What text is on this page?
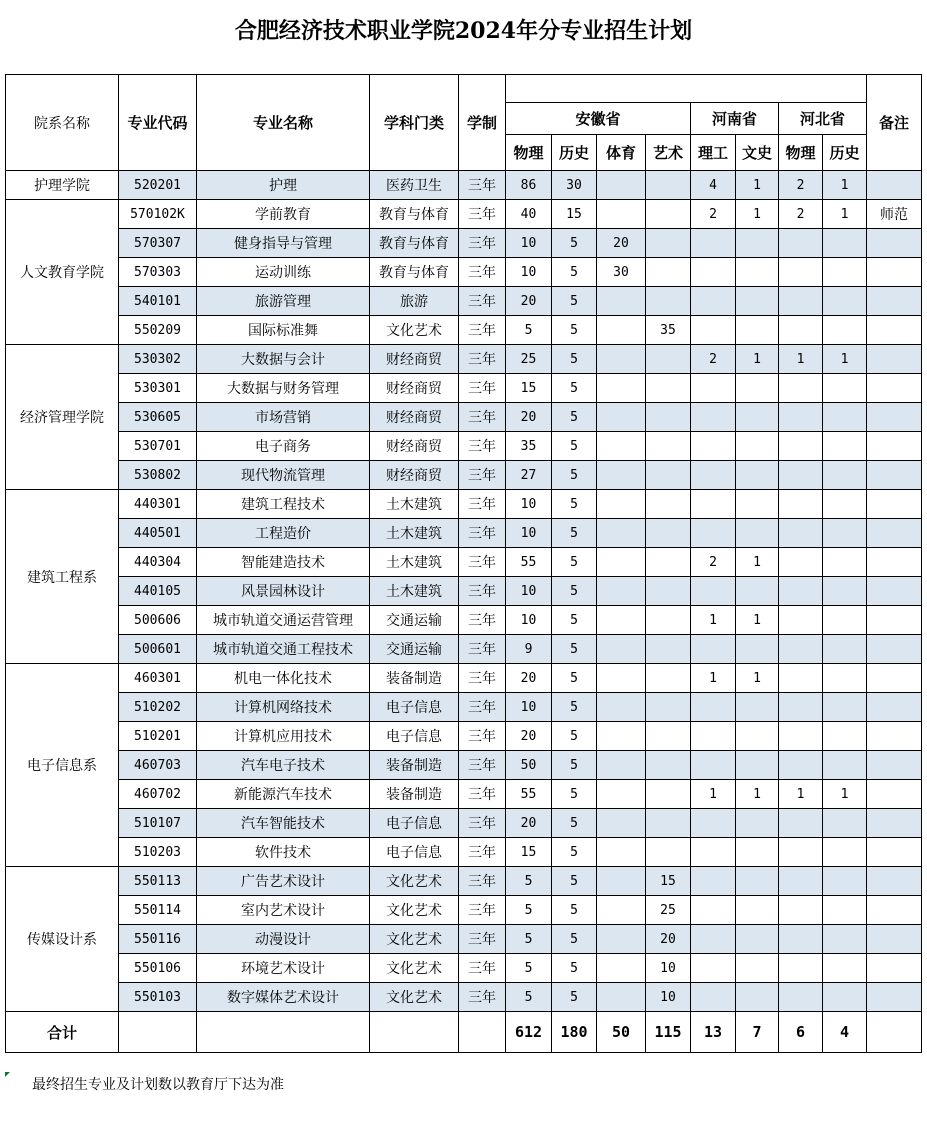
合肥经济技术职业学院2024年分专业招生计划
院系名称	专业代码	专业名称	学科门类	学制									备注
					安徽省				河南省		河北省		
					物理	历史	体育	艺术	理工	文史	物理	历史	
护理学院	520201	护理	医药卫生	三年	86	30			4	1	2	1	
人文教育学院	570102K	学前教育	教育与体育	三年	40	15			2	1	2	1	师范
	570307	健身指导与管理	教育与体育	三年	10	5	20						
	570303	运动训练	教育与体育	三年	10	5	30						
	540101	旅游管理	旅游	三年	20	5							
	550209	国际标准舞	文化艺术	三年	5	5		35					
经济管理学院	530302	大数据与会计	财经商贸	三年	25	5			2	1	1	1	
	530301	大数据与财务管理	财经商贸	三年	15	5							
	530605	市场营销	财经商贸	三年	20	5							
	530701	电子商务	财经商贸	三年	35	5							
	530802	现代物流管理	财经商贸	三年	27	5							
建筑工程系	440301	建筑工程技术	土木建筑	三年	10	5							
	440501	工程造价	土木建筑	三年	10	5							
	440304	智能建造技术	土木建筑	三年	55	5			2	1			
	440105	风景园林设计	土木建筑	三年	10	5							
	500606	城市轨道交通运营管理	交通运输	三年	10	5			1	1			
	500601	城市轨道交通工程技术	交通运输	三年	9	5							
电子信息系	460301	机电一体化技术	装备制造	三年	20	5			1	1			
	510202	计算机网络技术	电子信息	三年	10	5							
	510201	计算机应用技术	电子信息	三年	20	5							
	460703	汽车电子技术	装备制造	三年	50	5							
	460702	新能源汽车技术	装备制造	三年	55	5			1	1	1	1	
	510107	汽车智能技术	电子信息	三年	20	5							
	510203	软件技术	电子信息	三年	15	5							
传媒设计系	550113	广告艺术设计	文化艺术	三年	5	5		15					
	550114	室内艺术设计	文化艺术	三年	5	5		25					
	550116	动漫设计	文化艺术	三年	5	5		20					
	550106	环境艺术设计	文化艺术	三年	5	5		10					
	550103	数字媒体艺术设计	文化艺术	三年	5	5		10					
合计					612	180	50	115	13	7	6	4	
最终招生专业及计划数以教育厅下达为准
